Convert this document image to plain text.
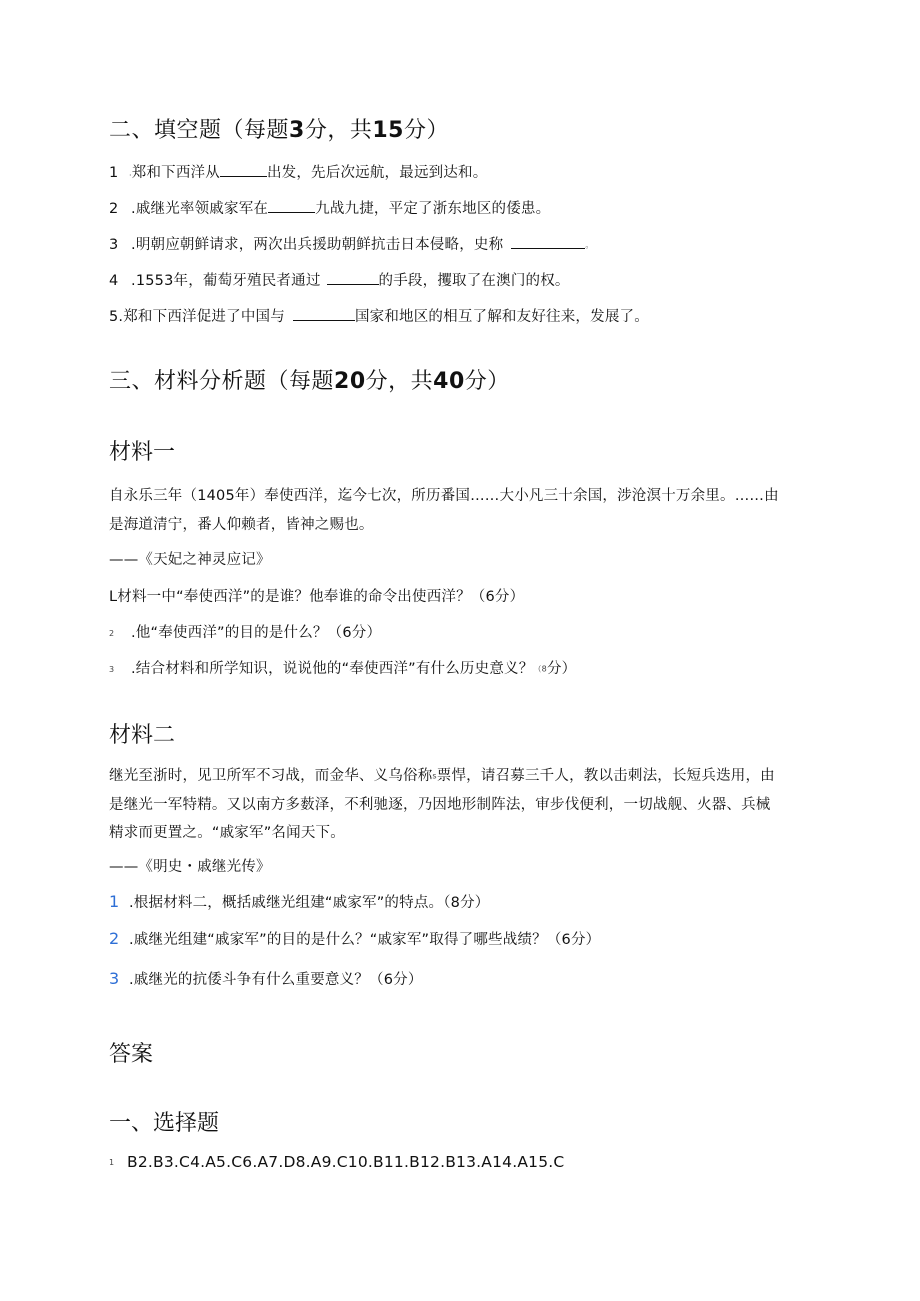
二、填空题（每题3分，共15分）
1 .郑和下西洋从	出发，先后次远航，最远到达和。
2 .戚继光率领戚家军在	九战九捷，平定了浙东地区的倭患。
3 .明朝应朝鲜请求，两次出兵援助朝鲜抗击日本侵略，史称	。
4 .1553年，葡萄牙殖民者通过	的手段，攫取了在澳门的权。
5.郑和下西洋促进了中国与	国家和地区的相互了解和友好往来，发展了。
三、材料分析题（每题20分，共40分）
材料一
自永乐三年（1405年）奉使西洋，迄今七次，所历番国……大小凡三十余国，涉沧溟十万余里。……由
是海道清宁，番人仰赖者，皆神之赐也。
——《天妃之神灵应记》
L材料一中“奉使西洋”的是谁？他奉谁的命令出使西洋？（6分）
2 .他“奉使西洋”的目的是什么？（6分）
3 .结合材料和所学知识，说说他的“奉使西洋”有什么历史意义？（8分）
材料二
继光至浙时，见卫所军不习战，而金华、义乌俗称s票悍，请召募三千人，教以击刺法，长短兵迭用，由
是继光一军特精。又以南方多薮泽，不利驰逐，乃因地形制阵法，审步伐便利，一切战舰、火器、兵械
精求而更置之。“戚家军”名闻天下。
——《明史・戚继光传》
1 .根据材料二，概括戚继光组建“戚家军”的特点。（8分）
2 .戚继光组建“戚家军”的目的是什么？“戚家军”取得了哪些战绩？（6分）
3 .戚继光的抗倭斗争有什么重要意义？（6分）
答案
一、选择题
1 B2.B3.C4.A5.C6.A7.D8.A9.C10.B11.B12.B13.A14.A15.C
